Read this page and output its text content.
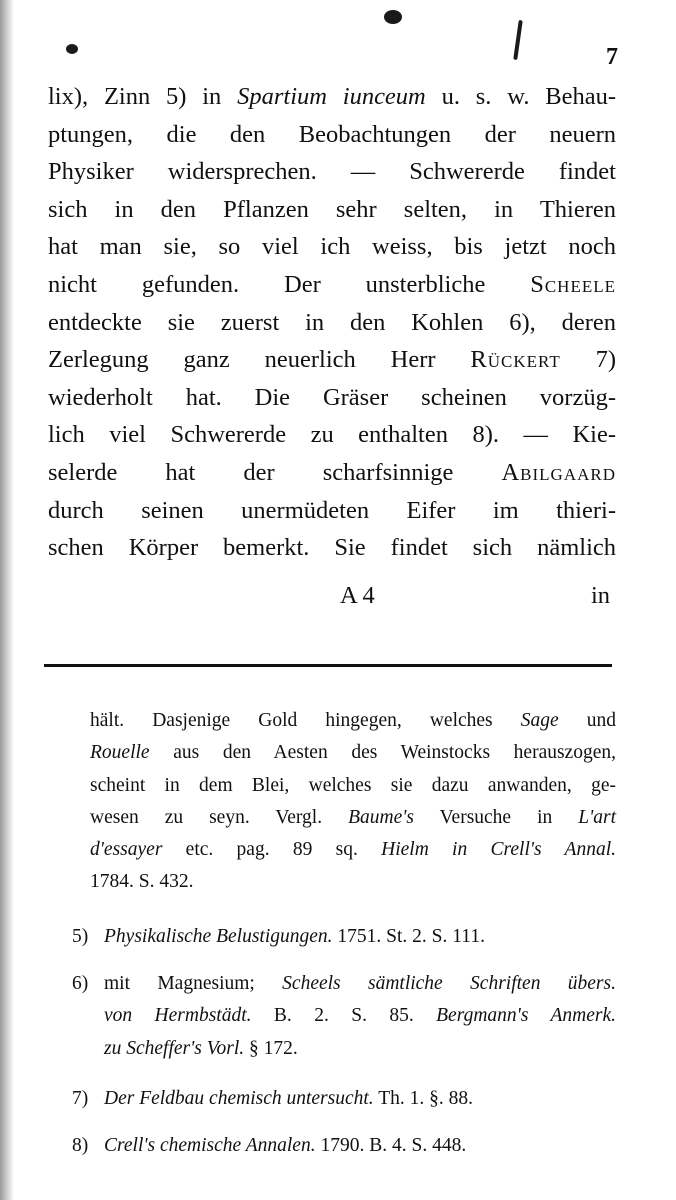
7
lix), Zinn 5) in Spartium iunceum u. s. w. Behau-
ptungen, die den Beobachtungen der neuern
Physiker widersprechen. — Schwererde findet
sich in den Pflanzen sehr selten, in Thieren
hat man sie, so viel ich weiss, bis jetzt noch
nicht gefunden. Der unsterbliche Scheele
entdeckte sie zuerst in den Kohlen 6), deren
Zerlegung ganz neuerlich Herr Rückert 7)
wiederholt hat. Die Gräser scheinen vorzüg-
lich viel Schwererde zu enthalten 8). — Kie-
selerde hat der scharfsinnige Abilgaard
durch seinen unermüdeten Eifer im thieri-
schen Körper bemerkt. Sie findet sich nämlich
A 4	in
hält. Dasjenige Gold hingegen, welches Sage und
Rouelle aus den Aesten des Weinstocks herauszogen,
scheint in dem Blei, welches sie dazu anwanden, ge-
wesen zu seyn. Vergl. Baume's Versuche in L'art
d'essayer etc. pag. 89 sq. Hielm in Crell's Annal.
1784. S. 432.
5) Physikalische Belustigungen. 1751. St. 2. S. 111.
6) mit Magnesium; Scheels sämtliche Schriften übers.
von Hermbstädt. B. 2. S. 85. Bergmann's Anmerk.
zu Scheffer's Vorl. § 172.
7) Der Feldbau chemisch untersucht. Th. 1. §. 88.
8) Crell's chemische Annalen. 1790. B. 4. S. 448.
